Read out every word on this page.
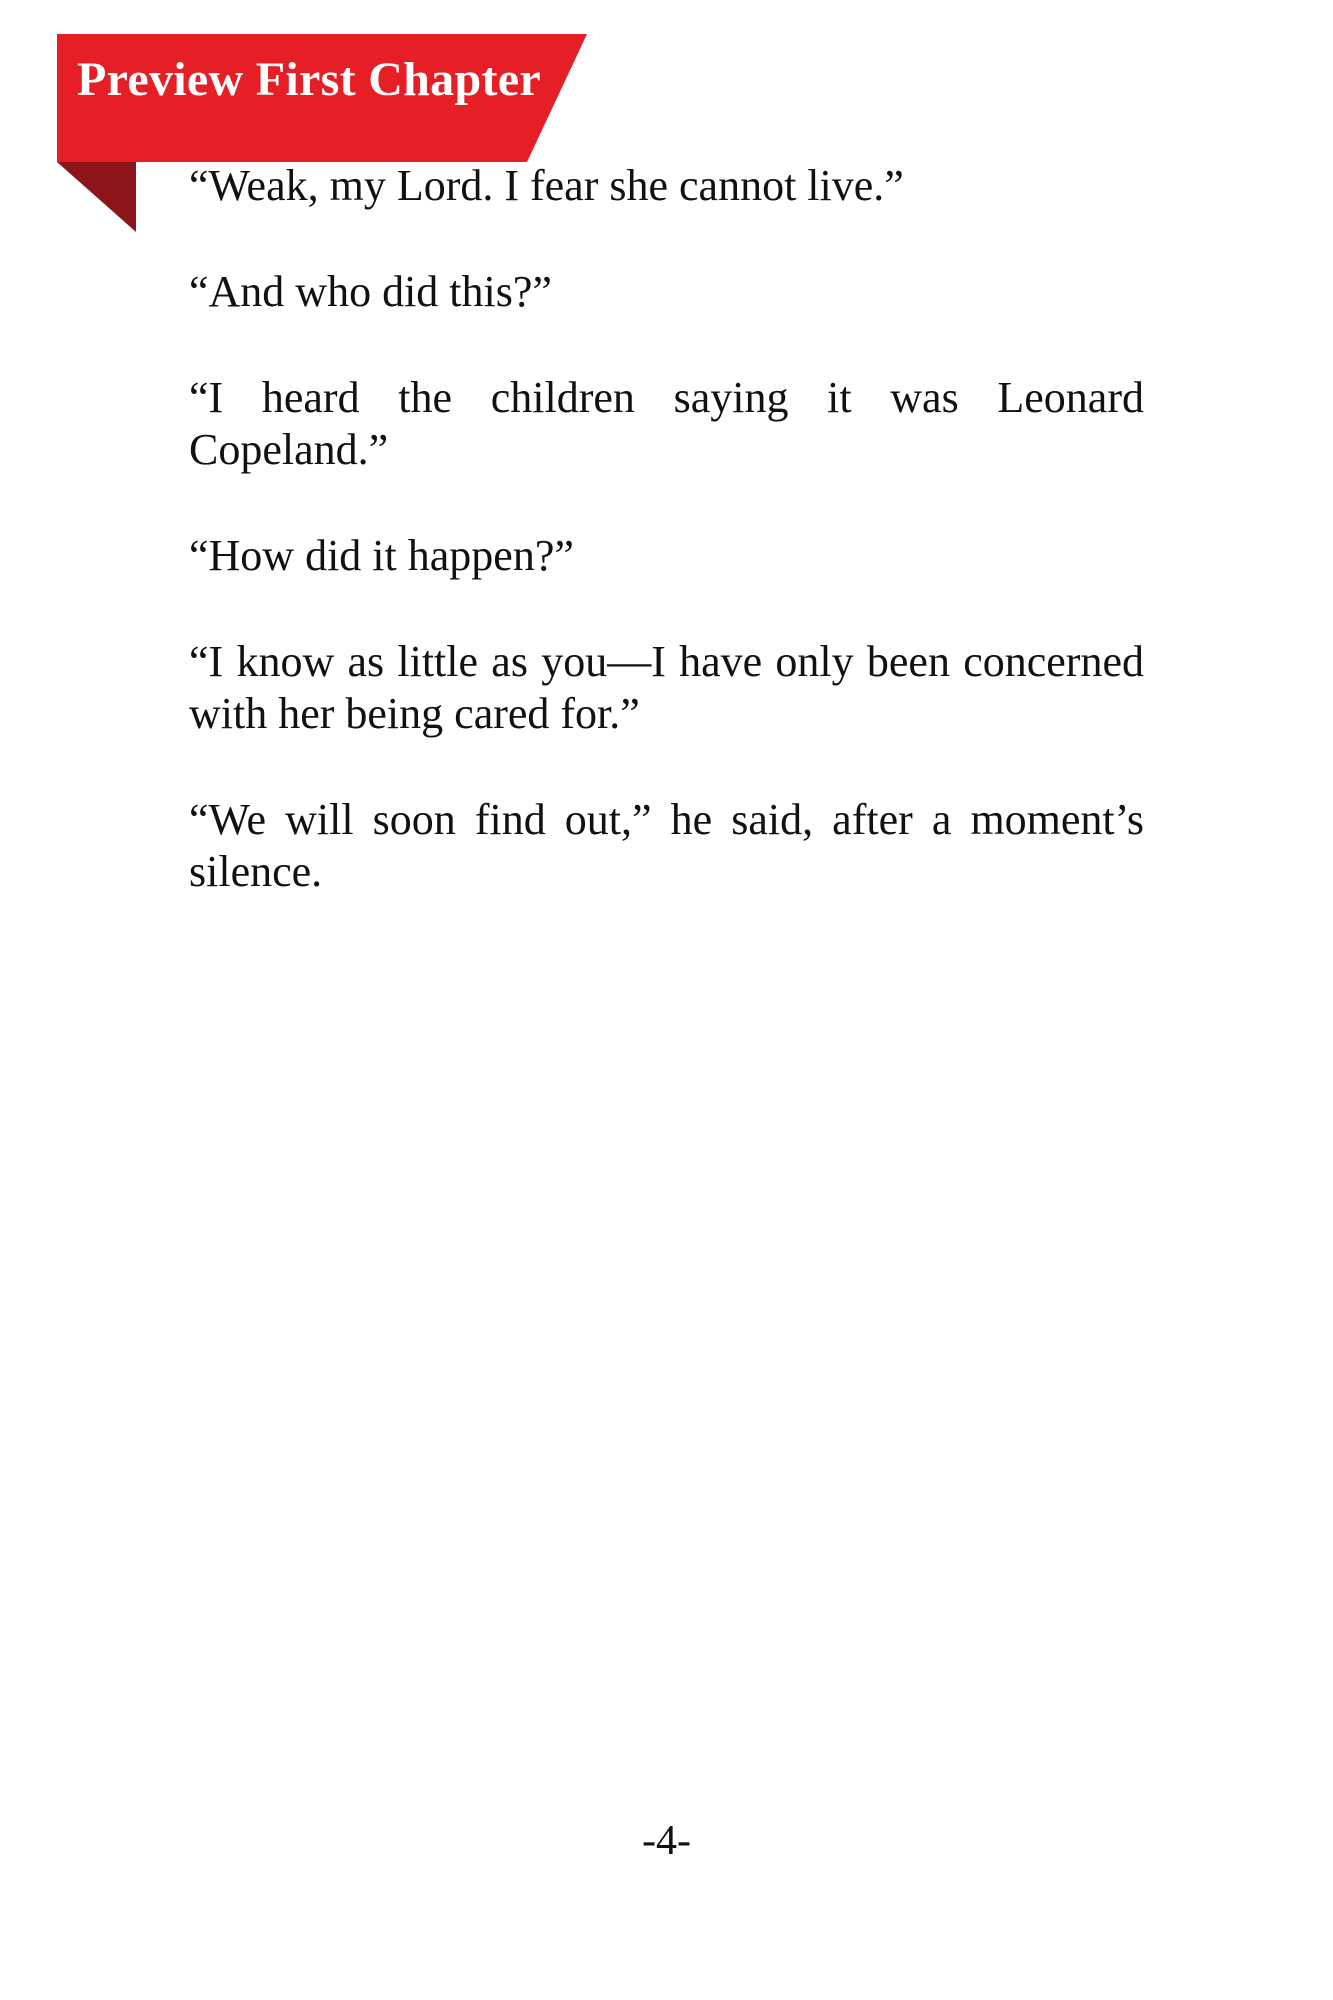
Preview First Chapter

“Weak, my Lord. I fear she cannot live.”

“And who did this?”

“I heard the children saying it was Leonard Copeland.”

“How did it happen?”

“I know as little as you—I have only been concerned with her being cared for.”

“We will soon find out,” he said, after a moment’s silence.

-4-
